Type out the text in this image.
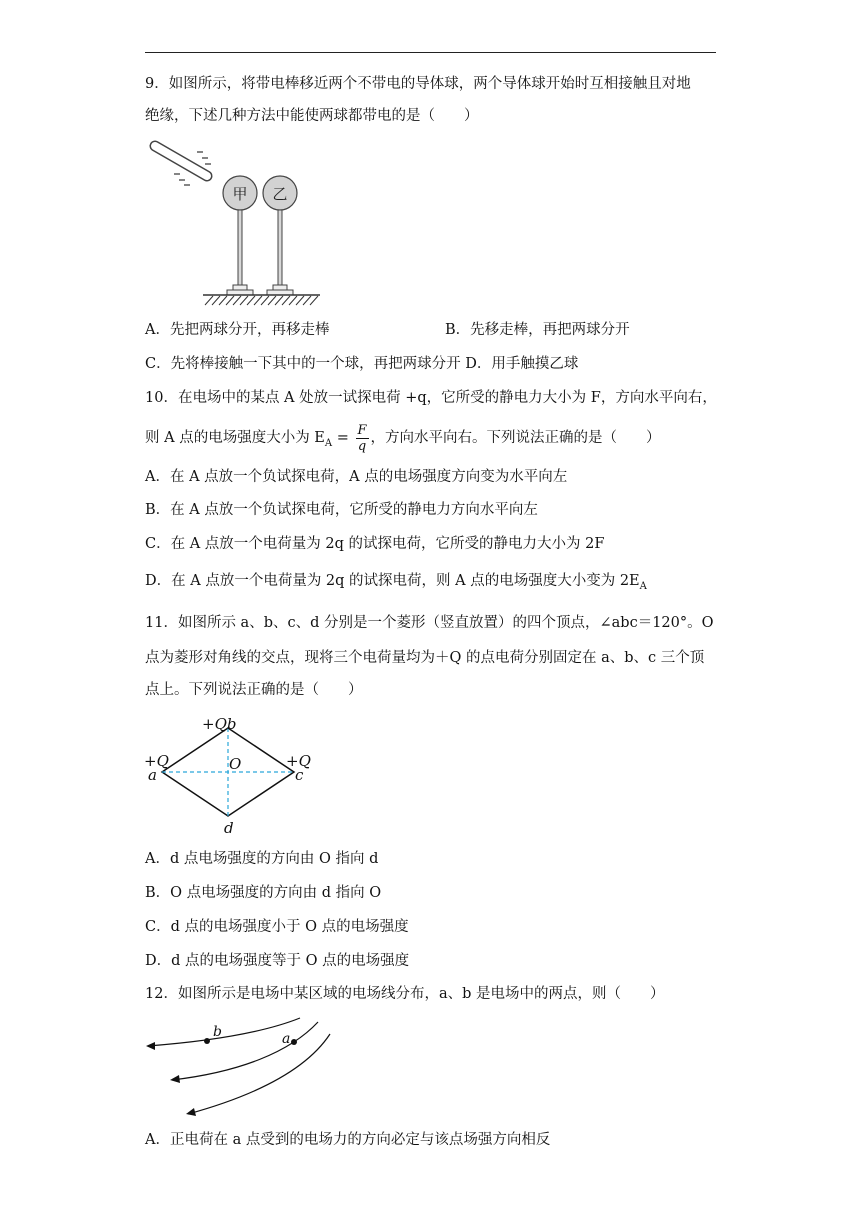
9．如图所示，将带电棒移近两个不带电的导体球，两个导体球开始时互相接触且对地
绝缘，下述几种方法中能使两球都带电的是（　　）
甲 乙
A．先把两球分开，再移走棒	B．先移走棒，再把两球分开
C．先将棒接触一下其中的一个球，再把两球分开 D．用手触摸乙球
10．在电场中的某点 A 处放一试探电荷 +q，它所受的静电力大小为 F，方向水平向右，
则 A 点的电场强度大小为 $E_A = \frac{F}{q}$ ，方向水平向右。下列说法正确的是（　　）
A．在 A 点放一个负试探电荷，A 点的电场强度方向变为水平向左
B．在 A 点放一个负试探电荷，它所受的静电力方向水平向左
C．在 A 点放一个电荷量为 2q 的试探电荷，它所受的静电力大小为 2F
D．在 A 点放一个电荷量为 2q 的试探电荷，则 A 点的电场强度大小变为 $2E_A$
11．如图所示 a、b、c、d 分别是一个菱形（竖直放置）的四个顶点，∠abc＝120°。O
点为菱形对角线的交点，现将三个电荷量均为＋Q 的点电荷分别固定在 a、b、c 三个顶
点上。下列说法正确的是（　　）
+Qb
+Q
a
+Q
c
O
d
A．d 点电场强度的方向由 O 指向 d
B．O 点电场强度的方向由 d 指向 O
C．d 点的电场强度小于 O 点的电场强度
D．d 点的电场强度等于 O 点的电场强度
12．如图所示是电场中某区域的电场线分布，a、b 是电场中的两点，则（　　）
b	a
A．正电荷在 a 点受到的电场力的方向必定与该点场强方向相反
